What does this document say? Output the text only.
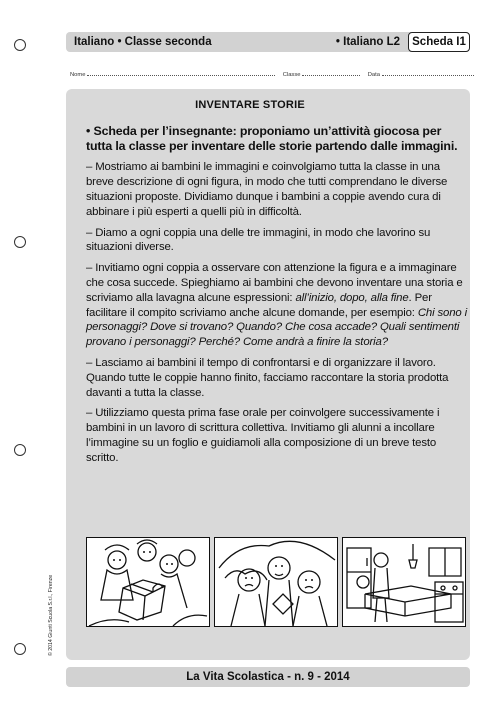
Italiano • Classe seconda	• Italiano L2	Scheda I1
Nome	Classe	Data
INVENTARE STORIE

• Scheda per l’insegnante: proponiamo un’attività giocosa per tutta la classe per inventare delle storie partendo dalle immagini.

– Mostriamo ai bambini le immagini e coinvolgiamo tutta la classe in una breve descrizione di ogni figura, in modo che tutti comprendano le diverse situazioni proposte. Dividiamo dunque i bambini a coppie avendo cura di abbinare i più esperti a quelli più in difficoltà.

– Diamo a ogni coppia una delle tre immagini, in modo che lavorino su situazioni diverse.

– Invitiamo ogni coppia a osservare con attenzione la figura e a immaginare che cosa succede. Spieghiamo ai bambini che devono inventare una storia e scriviamo alla lavagna alcune espressioni: all’inizio, dopo, alla fine. Per facilitare il compito scriviamo anche alcune domande, per esempio: Chi sono i personaggi? Dove si trovano? Quando? Che cosa accade? Quali sentimenti provano i personaggi? Perché? Come andrà a finire la storia?

– Lasciamo ai bambini il tempo di confrontarsi e di organizzare il lavoro. Quando tutte le coppie hanno finito, facciamo raccontare la storia prodotta davanti a tutta la classe.

– Utilizziamo questa prima fase orale per coinvolgere successivamente i bambini in un lavoro di scrittura collettiva. Invitiamo gli alunni a incollare l’immagine su un foglio e guidiamoli alla composizione di un breve testo scritto.

© 2014 Giunti Scuola S.r.l., Firenze
La Vita Scolastica - n. 9 - 2014
